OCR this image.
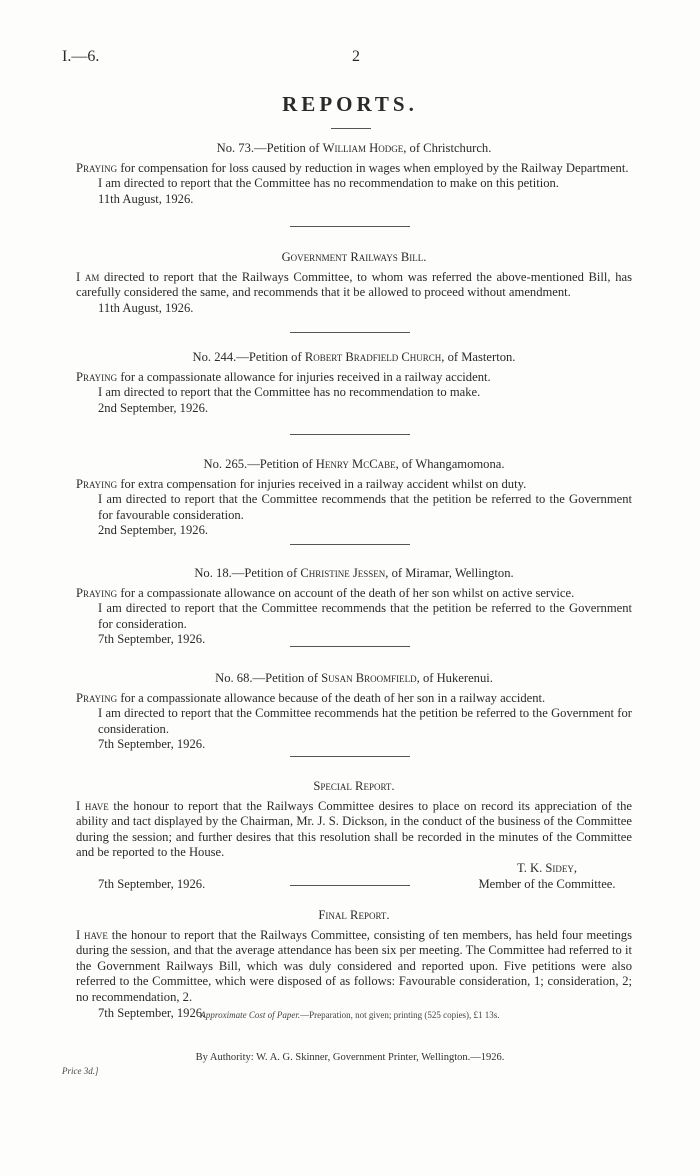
I.—6.	2
REPORTS.
No. 73.—Petition of William Hodge, of Christchurch.

Praying for compensation for loss caused by reduction in wages when employed by the Railway Department.

I am directed to report that the Committee has no recommendation to make on this petition.

11th August, 1926.

Government Railways Bill.

I am directed to report that the Railways Committee, to whom was referred the above-mentioned Bill, has carefully considered the same, and recommends that it be allowed to proceed without amendment.

11th August, 1926.

No. 244.—Petition of Robert Bradfield Church, of Masterton.

Praying for a compassionate allowance for injuries received in a railway accident.

I am directed to report that the Committee has no recommendation to make.

2nd September, 1926.

No. 265.—Petition of Henry McCabe, of Whangamomona.

Praying for extra compensation for injuries received in a railway accident whilst on duty.

I am directed to report that the Committee recommends that the petition be referred to the Government for favourable consideration.

2nd September, 1926.

No. 18.—Petition of Christine Jessen, of Miramar, Wellington.

Praying for a compassionate allowance on account of the death of her son whilst on active service.

I am directed to report that the Committee recommends that the petition be referred to the Government for consideration.

7th September, 1926.

No. 68.—Petition of Susan Broomfield, of Hukerenui.

Praying for a compassionate allowance because of the death of her son in a railway accident.

I am directed to report that the Committee recommends hat the petition be referred to the Government for consideration.

7th September, 1926.

Special Report.

I have the honour to report that the Railways Committee desires to place on record its appreciation of the ability and tact displayed by the Chairman, Mr. J. S. Dickson, in the conduct of the business of the Committee during the session; and further desires that this resolution shall be recorded in the minutes of the Committee and be reported to the House.

T. K. Sidey,
7th September, 1926.	Member of the Committee.
Final Report.

I have the honour to report that the Railways Committee, consisting of ten members, has held four meetings during the session, and that the average attendance has been six per meeting. The Committee had referred to it the Government Railways Bill, which was duly considered and reported upon. Five petitions were also referred to the Committee, which were disposed of as follows: Favourable consideration, 1; consideration, 2; no recommendation, 2.

7th September, 1926.

Approximate Cost of Paper.—Preparation, not given; printing (525 copies), £1 13s.
By Authority: W. A. G. Skinner, Government Printer, Wellington.—1926.
Price 3d.]
